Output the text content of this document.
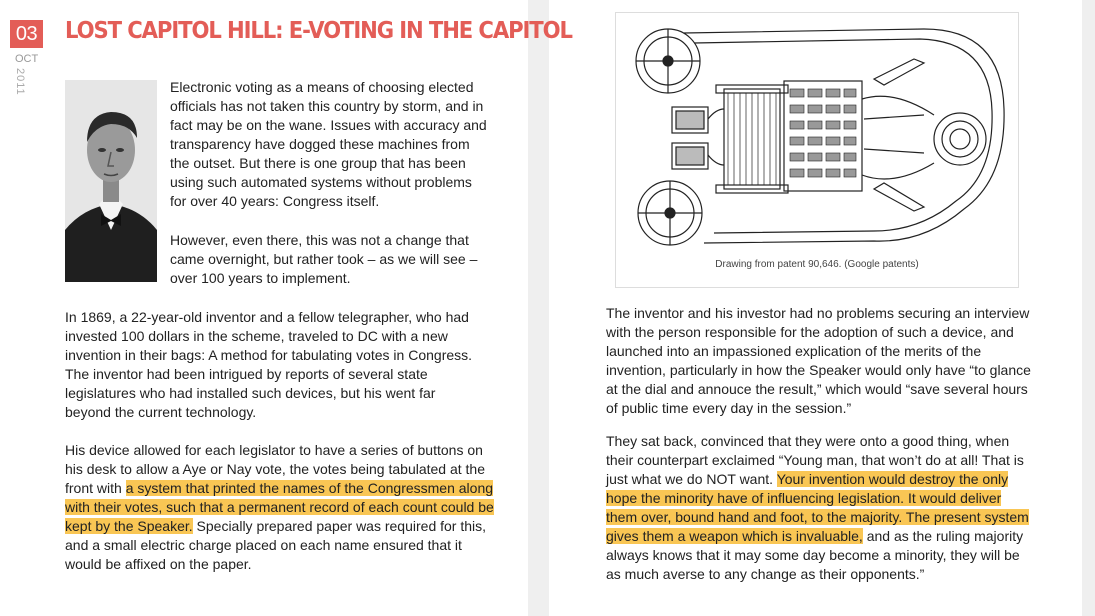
03
OCT
2011
LOST CAPITOL HILL: E-VOTING IN THE CAPITOL

Electronic voting as a means of choosing elected officials has not taken this country by storm, and in fact may be on the wane. Issues with accuracy and transparency have dogged these machines from the outset. But there is one group that has been using such automated systems without problems for over 40 years: Congress itself.

However, even there, this was not a change that came overnight, but rather took – as we will see – over 100 years to implement.

In 1869, a 22-year-old inventor and a fellow telegrapher, who had invested 100 dollars in the scheme, traveled to DC with a new invention in their bags: A method for tabulating votes in Congress. The inventor had been intrigued by reports of several state legislatures who had installed such devices, but his went far beyond the current technology.

His device allowed for each legislator to have a series of buttons on his desk to allow a Aye or Nay vote, the votes being tabulated at the front with a system that printed the names of the Congressmen along with their votes, such that a permanent record of each count could be kept by the Speaker. Specially prepared paper was required for this, and a small electric charge placed on each name ensured that it would be affixed on the paper.

Drawing from patent 90,646. (Google patents)

The inventor and his investor had no problems securing an interview with the person responsible for the adoption of such a device, and launched into an impassioned explication of the merits of the invention, particularly in how the Speaker would only have “to glance at the dial and annouce the result,” which would “save several hours of public time every day in the session.”

They sat back, convinced that they were onto a good thing, when their counterpart exclaimed “Young man, that won’t do at all! That is just what we do NOT want. Your invention would destroy the only hope the minority have of influencing legislation. It would deliver them over, bound hand and foot, to the majority. The present system gives them a weapon which is invaluable, and as the ruling majority always knows that it may some day become a minority, they will be as much averse to any change as their opponents.”
